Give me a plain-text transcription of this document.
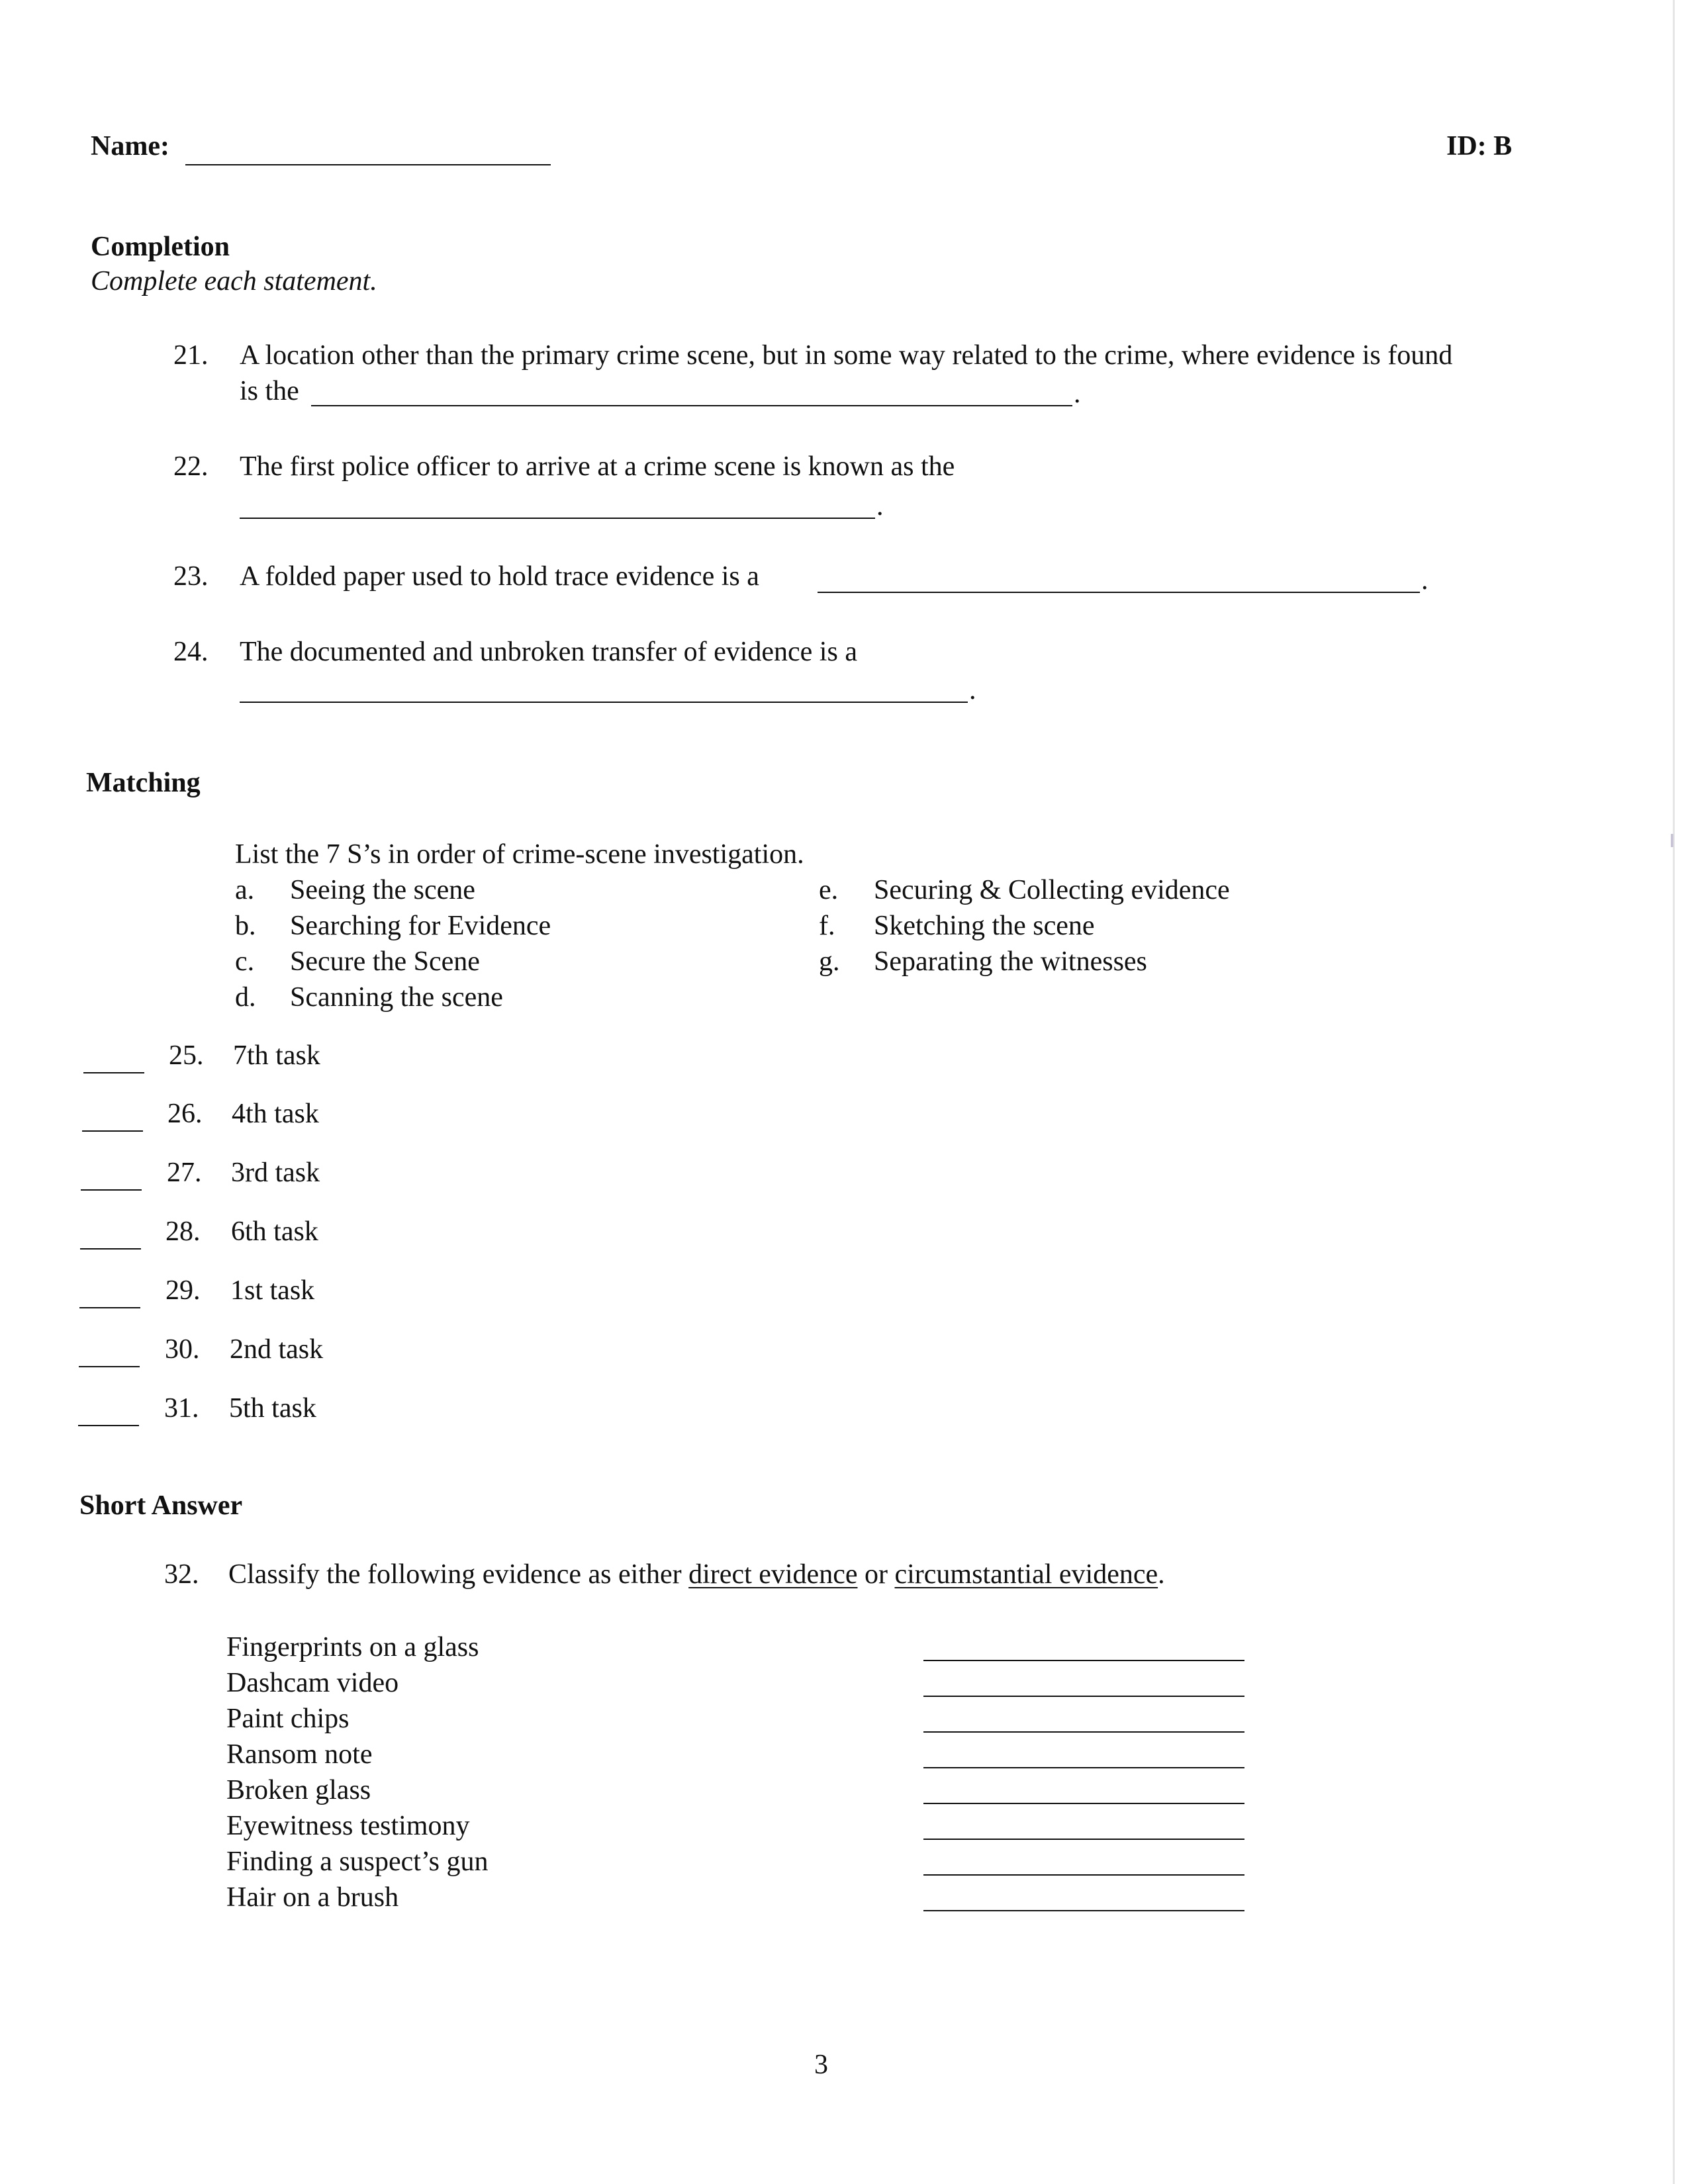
Name:	ID: B
Completion
Complete each statement.
21. A location other than the primary crime scene, but in some way related to the crime, where evidence is found
is the	.
22. The first police officer to arrive at a crime scene is known as the
.
23. A folded paper used to hold trace evidence is a	.
24. The documented and unbroken transfer of evidence is a
.
Matching
List the 7 S’s in order of crime-scene investigation.
a. Seeing the scene
b. Searching for Evidence
c. Secure the Scene
d. Scanning the scene
e. Securing & Collecting evidence
f. Sketching the scene
g. Separating the witnesses
25. 7th task
26. 4th task
27. 3rd task
28. 6th task
29. 1st task
30. 2nd task
31. 5th task
Short Answer
32. Classify the following evidence as either direct evidence or circumstantial evidence.
Fingerprints on a glass
Dashcam video
Paint chips
Ransom note
Broken glass
Eyewitness testimony
Finding a suspect’s gun
Hair on a brush
3
